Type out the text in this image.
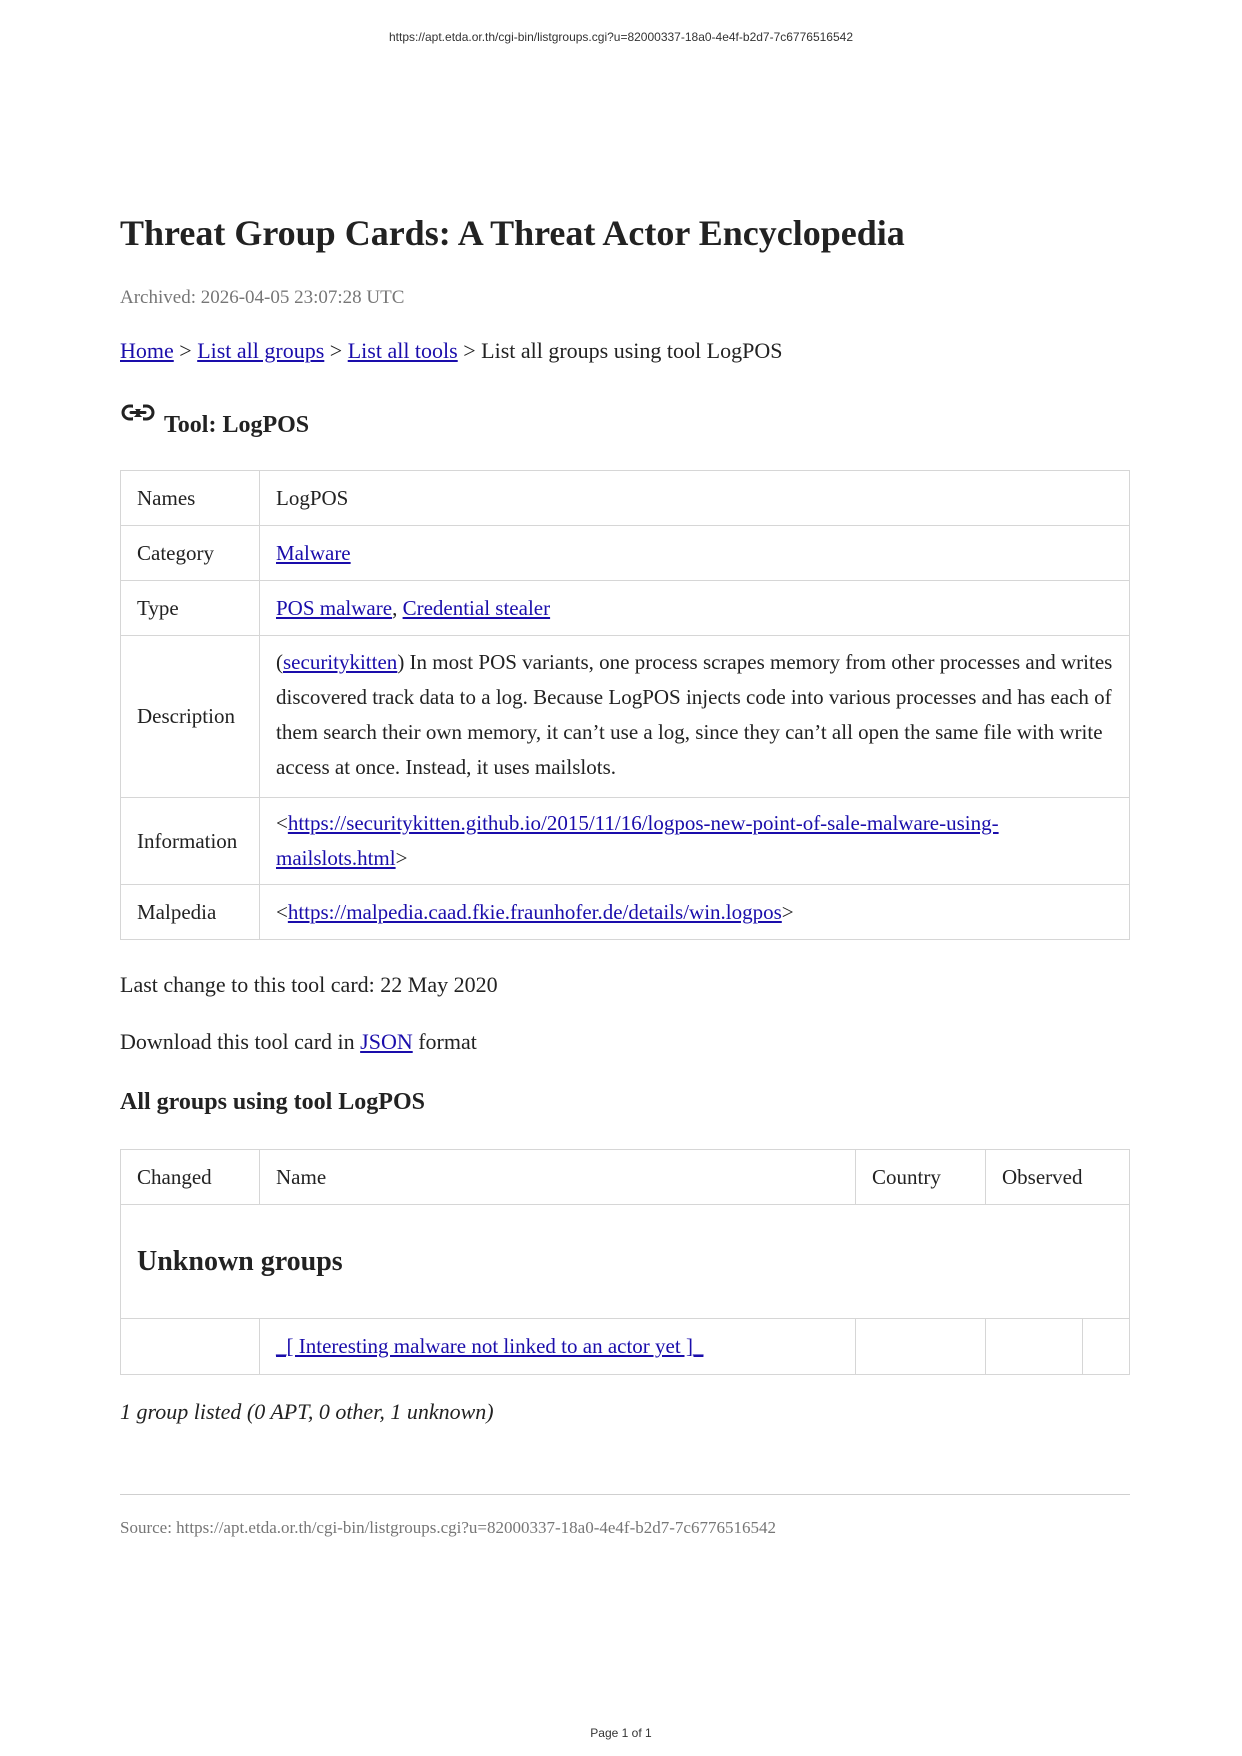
https://apt.etda.or.th/cgi-bin/listgroups.cgi?u=82000337-18a0-4e4f-b2d7-7c6776516542
Threat Group Cards: A Threat Actor Encyclopedia
Archived: 2026-04-05 23:07:28 UTC
Home > List all groups > List all tools > List all groups using tool LogPOS
Tool: LogPOS
Names	LogPOS
Category	Malware
Type	POS malware, Credential stealer
Description	(securitykitten) In most POS variants, one process scrapes memory from other processes and writes discovered track data to a log. Because LogPOS injects code into various processes and has each of them search their own memory, it can’t use a log, since they can’t all open the same file with write access at once. Instead, it uses mailslots.
Information	<https://securitykitten.github.io/2015/11/16/logpos-new-point-of-sale-malware-using-mailslots.html>
Malpedia	<https://malpedia.caad.fkie.fraunhofer.de/details/win.logpos>
Last change to this tool card: 22 May 2020
Download this tool card in JSON format
All groups using tool LogPOS
Changed	Name	Country	Observed
Unknown groups
	_[ Interesting malware not linked to an actor yet ]_		

1 group listed (0 APT, 0 other, 1 unknown)
Source: https://apt.etda.or.th/cgi-bin/listgroups.cgi?u=82000337-18a0-4e4f-b2d7-7c6776516542
Page 1 of 1
